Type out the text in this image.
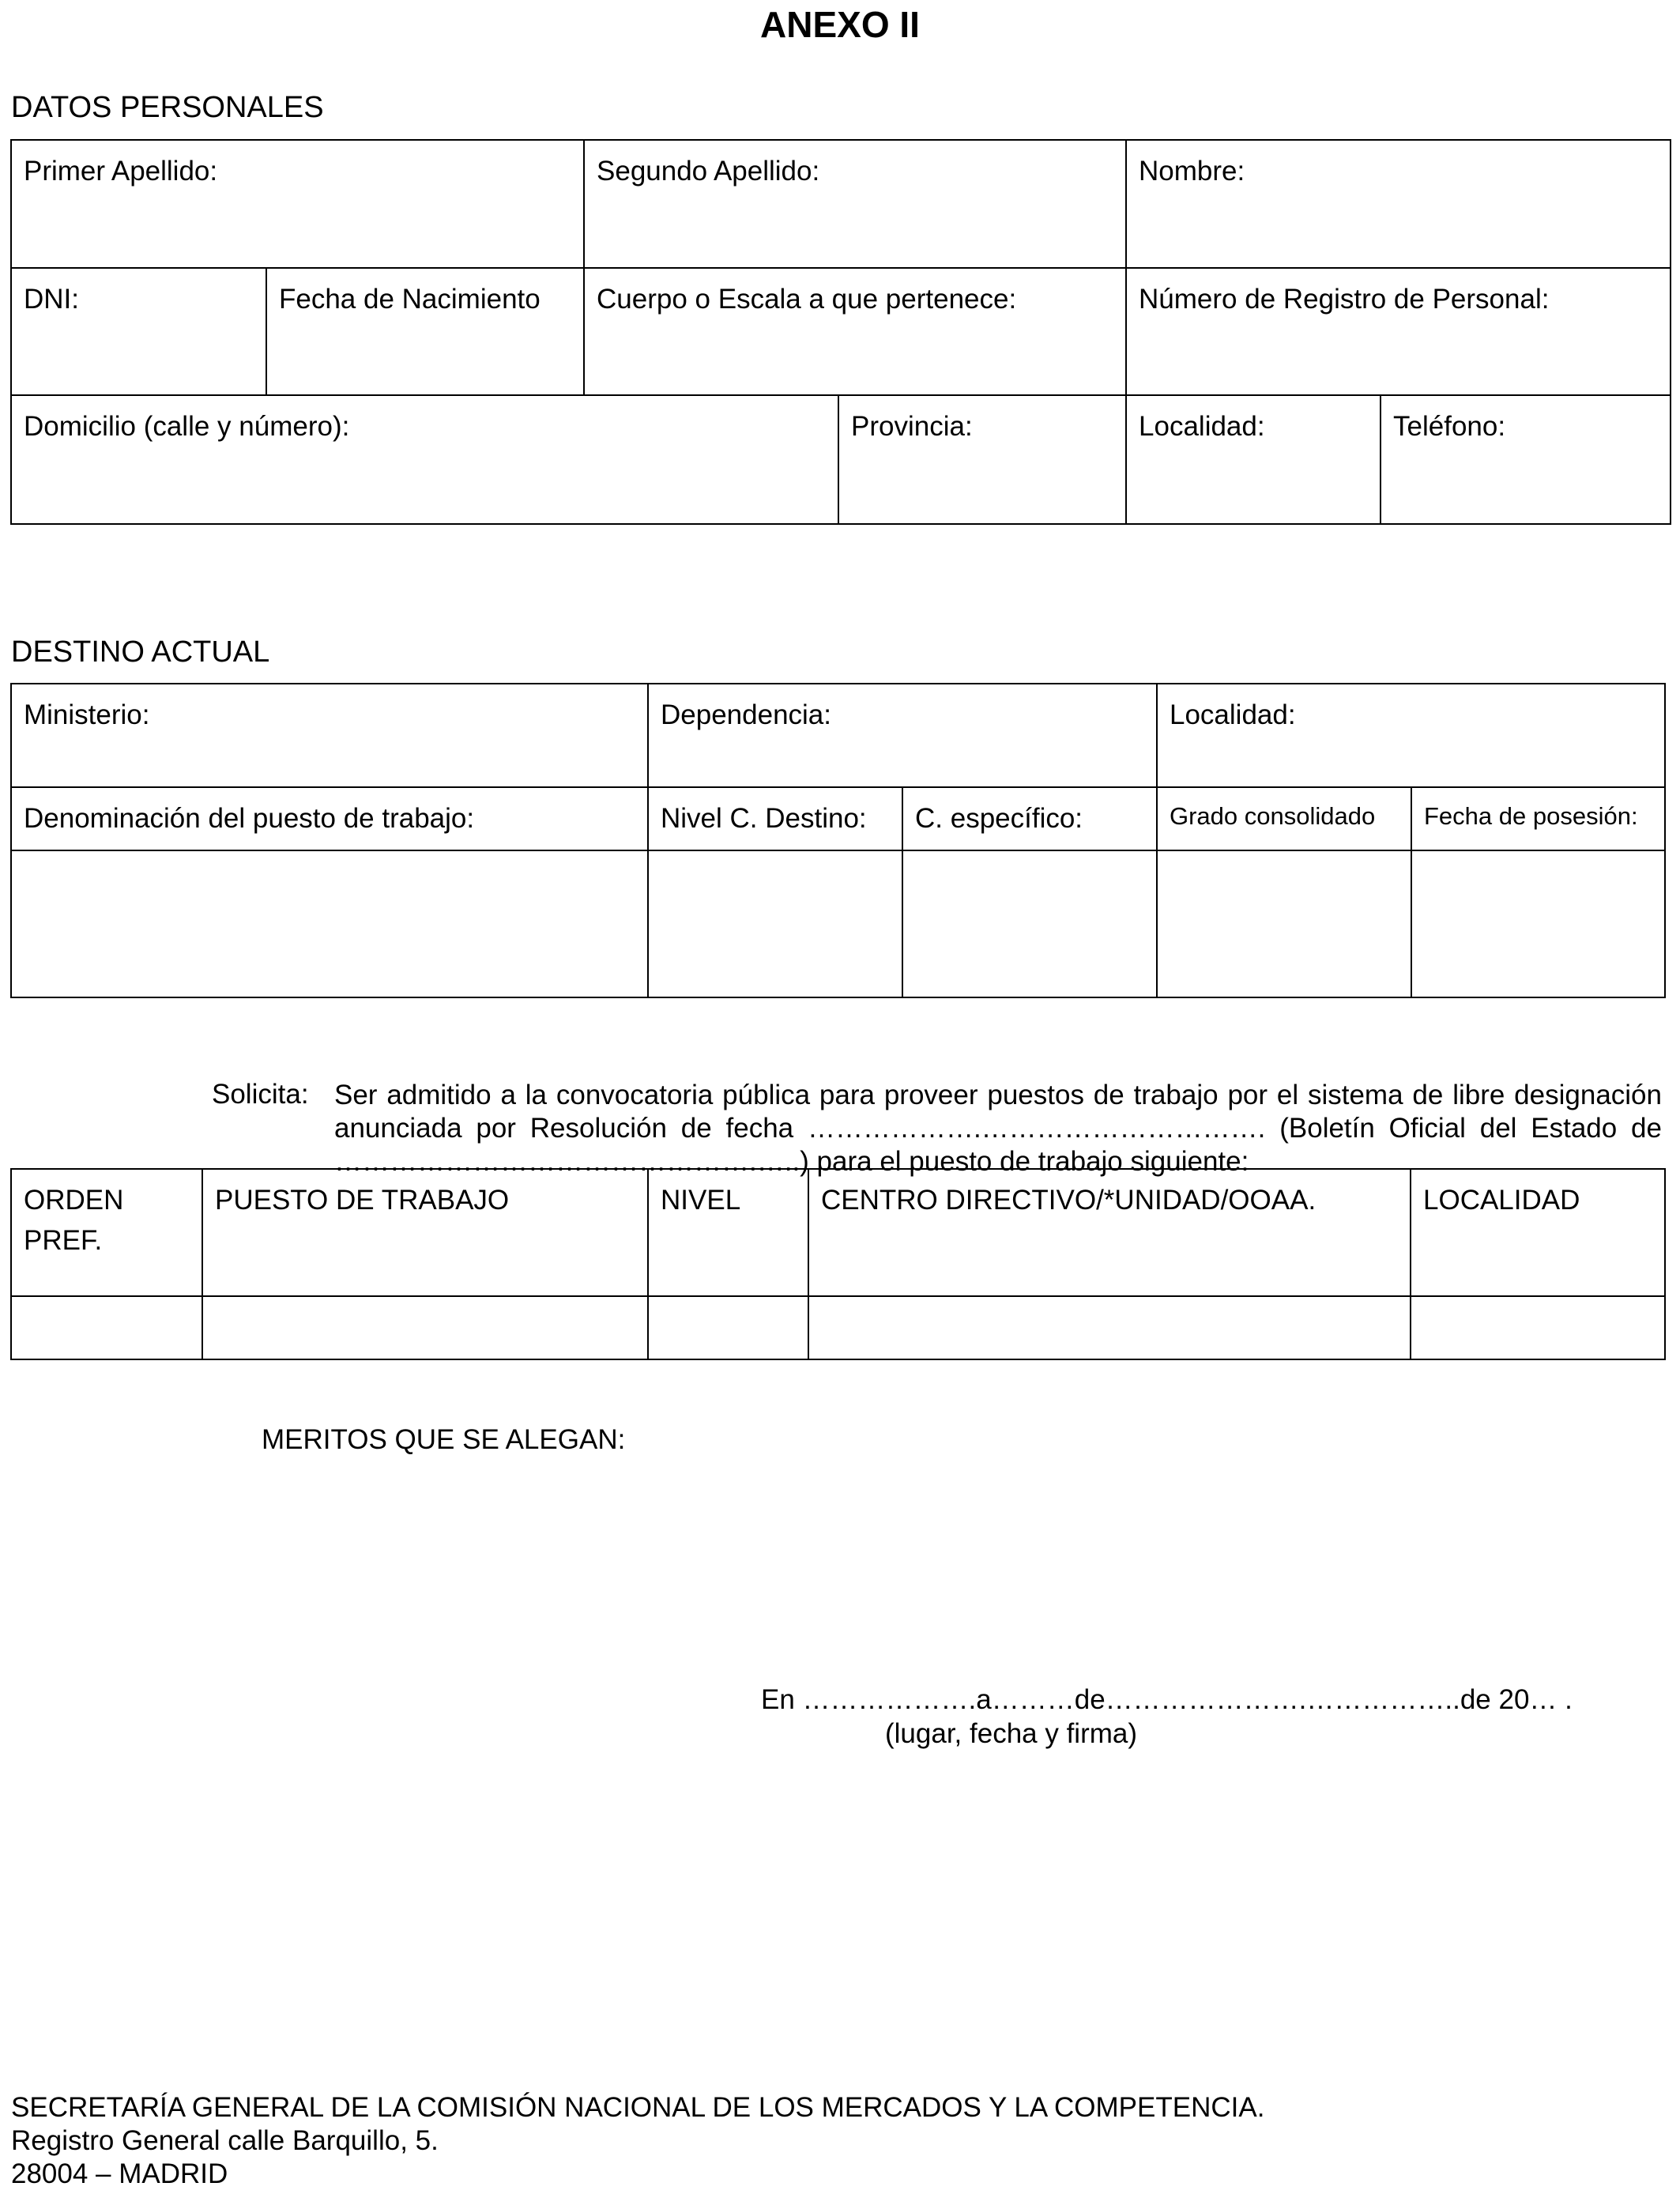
ANEXO II
DATOS PERSONALES
Primer Apellido:		Segundo Apellido:		Nombre:	
DNI:	Fecha de Nacimiento	Cuerpo o Escala a que pertenece:		Número de Registro de Personal:	
Domicilio (calle y número):			Provincia:	Localidad:	Teléfono:
DESTINO ACTUAL
Ministerio:	Dependencia:		Localidad:	
Denominación del puesto de trabajo:	Nivel C. Destino:	C. específico:	Grado consolidado	Fecha de posesión:

Solicita: Ser admitido a la convocatoria pública para proveer puestos de trabajo por el sistema de libre designación anunciada por Resolución de fecha ……………….…………………………. (Boletín Oficial del Estado de ……………………………………….…..) para el puesto de trabajo siguiente:
ORDEN
PREF.	PUESTO DE TRABAJO	NIVEL	CENTRO DIRECTIVO/*UNIDAD/OOAA.	LOCALIDAD

MERITOS QUE SE ALEGAN:
En ……………….a………de………………….……………..de 20… .
(lugar, fecha y firma)
SECRETARÍA GENERAL DE LA COMISIÓN NACIONAL DE LOS MERCADOS Y LA COMPETENCIA.
Registro General calle Barquillo, 5.
28004 – MADRID
